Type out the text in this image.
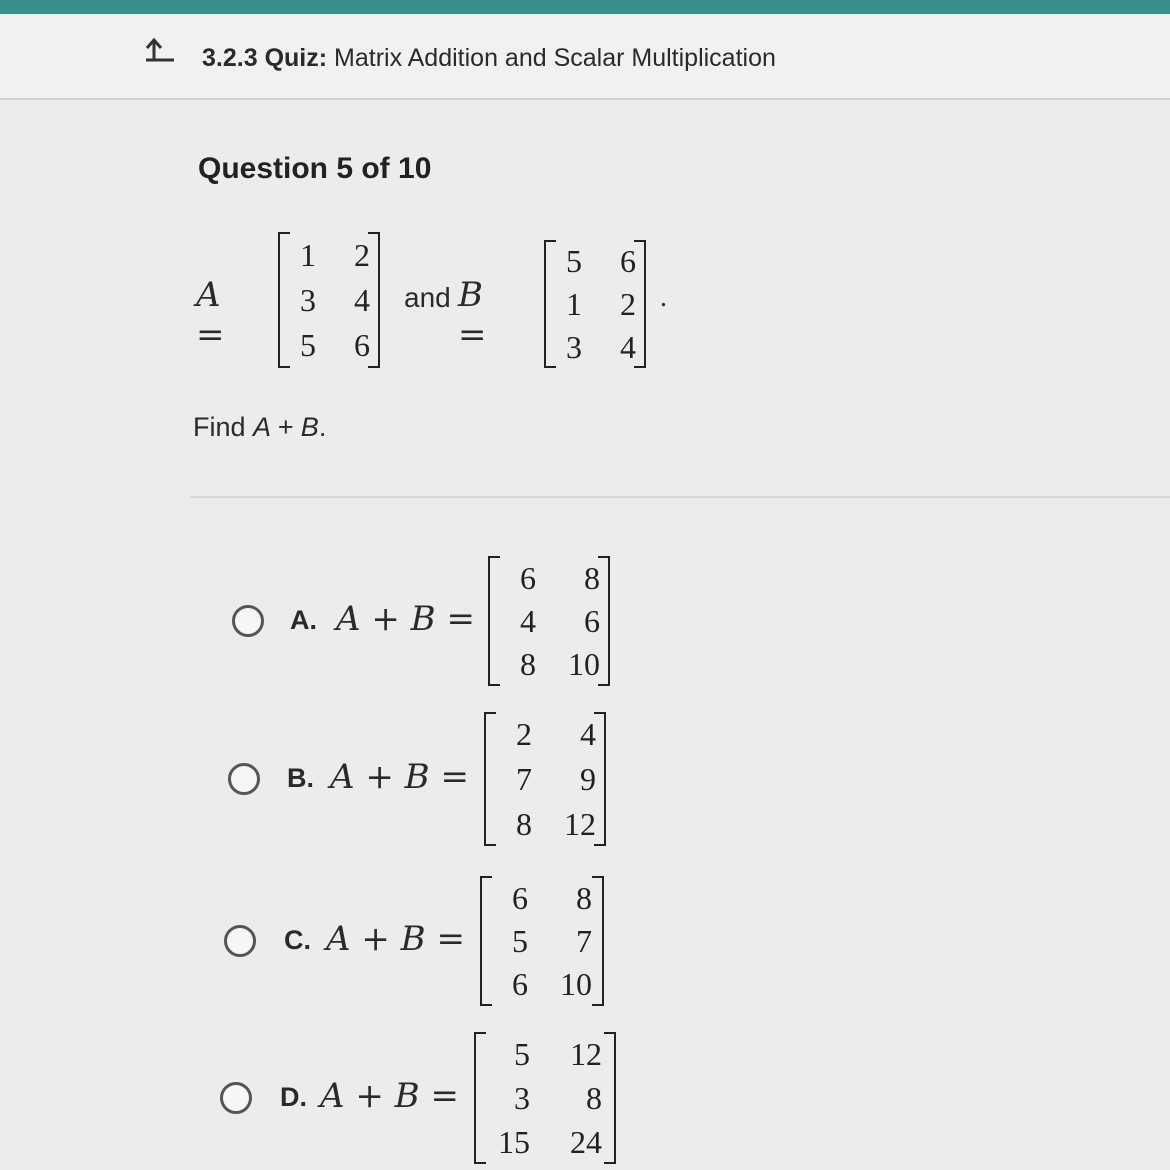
3.2.3 Quiz: Matrix Addition and Scalar Multiplication
Question 5 of 10
A =
1	2
3	4
5	6
and B =
5	6
1	2
3	4
.
Find A + B.
A. A + B =
6	8
4	6
8	10
B. A + B =
2	4
7	9
8	12
C. A + B =
6	8
5	7
6	10
D. A + B =
5	12
3	8
15	24
